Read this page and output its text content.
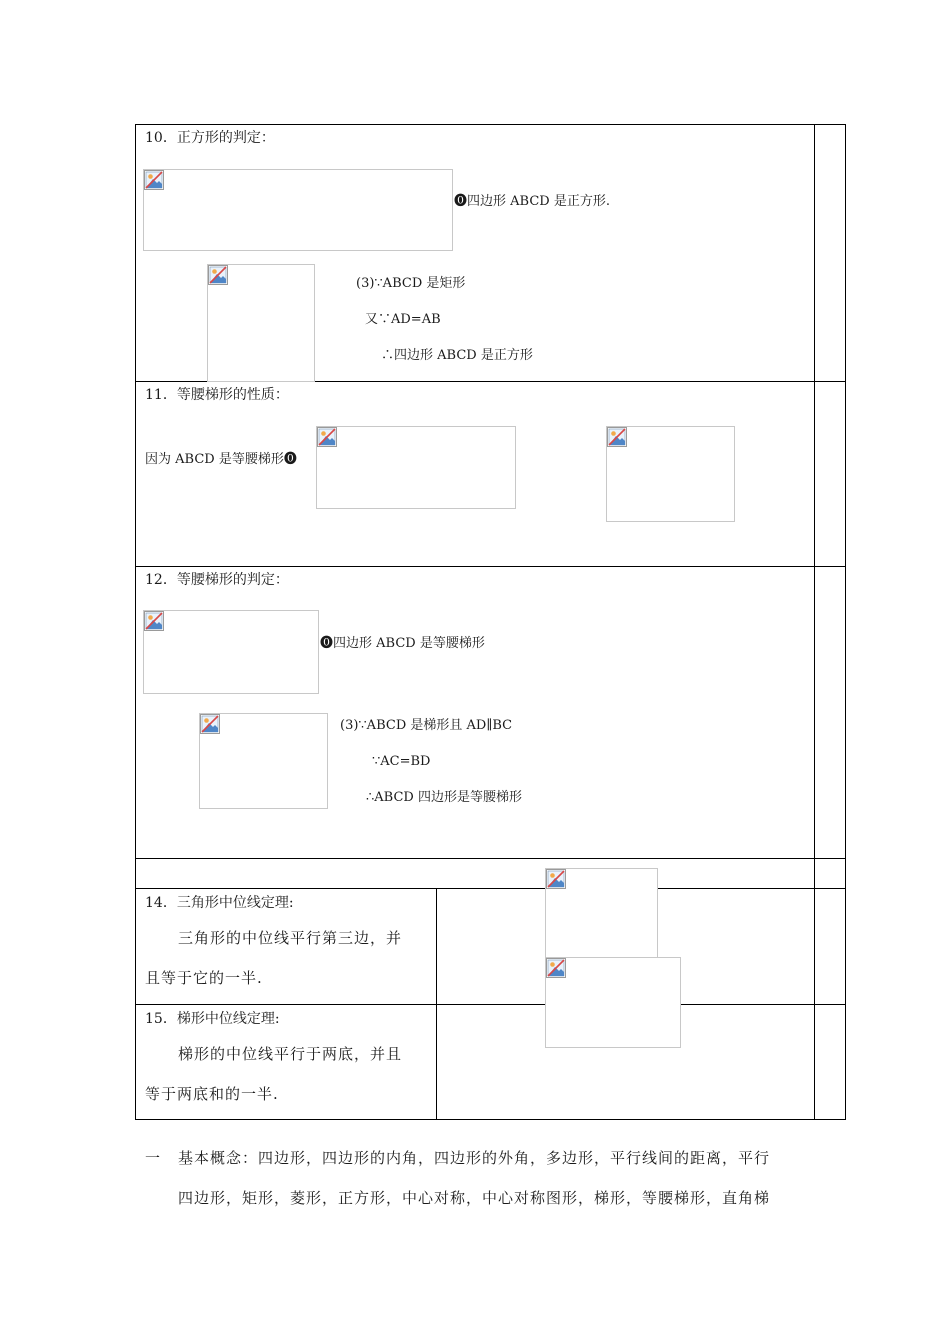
10．正方形的判定：
⓿四边形 ABCD 是正方形.
(3)∵ABCD 是矩形
又∵AD=AB
∴四边形 ABCD 是正方形
11．等腰梯形的性质：
因为 ABCD 是等腰梯形⓿
12．等腰梯形的判定：
⓿四边形 ABCD 是等腰梯形
(3)∵ABCD 是梯形且 AD∥BC
∵AC=BD
∴ABCD 四边形是等腰梯形
14．三角形中位线定理:
三角形的中位线平行第三边，并
且等于它的一半.
15．梯形中位线定理:
梯形的中位线平行于两底，并且
等于两底和的一半.
一 基本概念：四边形，四边形的内角，四边形的外角，多边形，平行线间的距离，平行
四边形，矩形，菱形，正方形，中心对称，中心对称图形，梯形，等腰梯形，直角梯
